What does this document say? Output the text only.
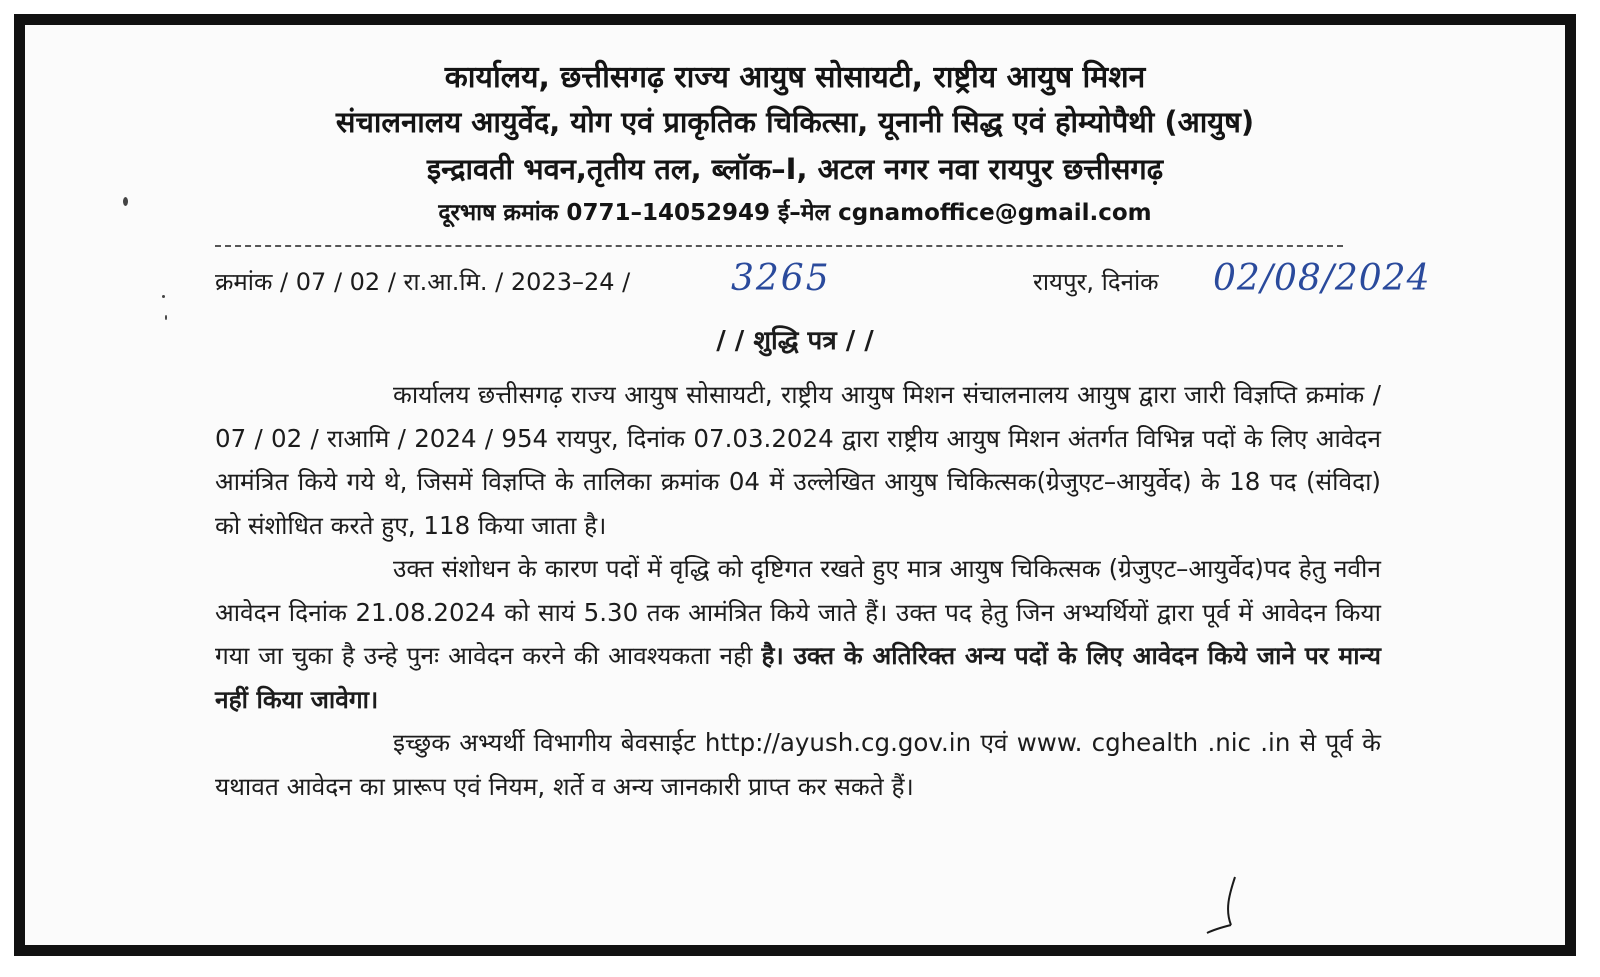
कार्यालय, छत्तीसगढ़ राज्य आयुष सोसायटी, राष्ट्रीय आयुष मिशन
संचालनालय आयुर्वेद, योग एवं प्राकृतिक चिकित्सा, यूनानी सिद्ध एवं होम्योपैथी (आयुष)
इन्द्रावती भवन,तृतीय तल, ब्लॉक–I, अटल नगर नवा रायपुर छत्तीसगढ़
दूरभाष क्रमांक 0771–14052949 ई–मेल cgnamoffice@gmail.com
क्रमांक / 07 / 02 / रा.आ.मि. / 2023–24 /	3265	रायपुर, दिनांक 02/08/2024
/ / शुद्धि पत्र / /

कार्यालय छत्तीसगढ़ राज्य आयुष सोसायटी, राष्ट्रीय आयुष मिशन संचालनालय आयुष द्वारा जारी विज्ञप्ति क्रमांक / 07 / 02 / राआमि / 2024 / 954 रायपुर, दिनांक 07.03.2024 द्वारा राष्ट्रीय आयुष मिशन अंतर्गत विभिन्न पदों के लिए आवेदन आमंत्रित किये गये थे, जिसमें विज्ञप्ति के तालिका क्रमांक 04 में उल्लेखित आयुष चिकित्सक(ग्रेजुएट–आयुर्वेद) के 18 पद (संविदा) को संशोधित करते हुए, 118 किया जाता है।

उक्त संशोधन के कारण पदों में वृद्धि को दृष्टिगत रखते हुए मात्र आयुष चिकित्सक (ग्रेजुएट–आयुर्वेद)पद हेतु नवीन आवेदन दिनांक 21.08.2024 को सायं 5.30 तक आमंत्रित किये जाते हैं। उक्त पद हेतु जिन अभ्यर्थियों द्वारा पूर्व में आवेदन किया गया जा चुका है उन्हे पुनः आवेदन करने की आवश्यकता नही है। उक्त के अतिरिक्त अन्य पदों के लिए आवेदन किये जाने पर मान्य नहीं किया जावेगा।

इच्छुक अभ्यर्थी विभागीय बेवसाईट http://ayush.cg.gov.in एवं www. cghealth .nic .in से पूर्व के यथावत आवेदन का प्रारूप एवं नियम, शर्ते व अन्य जानकारी प्राप्त कर सकते हैं।
